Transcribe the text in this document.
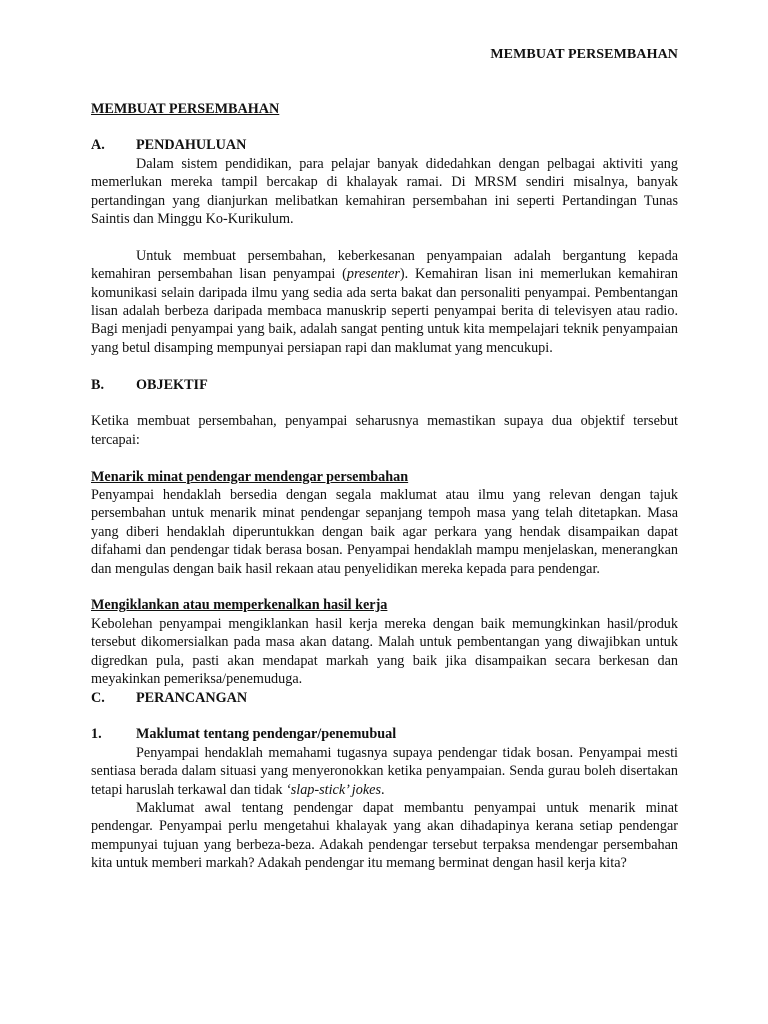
MEMBUAT PERSEMBAHAN
MEMBUAT PERSEMBAHAN
A.	PENDAHULUAN

Dalam sistem pendidikan, para pelajar banyak didedahkan dengan pelbagai aktiviti yang memerlukan mereka tampil bercakap di khalayak ramai. Di MRSM sendiri misalnya, banyak pertandingan yang dianjurkan melibatkan kemahiran persembahan ini seperti Pertandingan Tunas Saintis dan Minggu Ko-Kurikulum.

Untuk membuat persembahan, keberkesanan penyampaian adalah bergantung kepada kemahiran persembahan lisan penyampai (presenter). Kemahiran lisan ini memerlukan kemahiran komunikasi selain daripada ilmu yang sedia ada serta bakat dan personaliti penyampai. Pembentangan lisan adalah berbeza daripada membaca manuskrip seperti penyampai berita di televisyen atau radio. Bagi menjadi penyampai yang baik, adalah sangat penting untuk kita mempelajari teknik penyampaian yang betul disamping mempunyai persiapan rapi dan maklumat yang mencukupi.

B.	OBJEKTIF

Ketika membuat persembahan, penyampai seharusnya memastikan supaya dua objektif tersebut tercapai:

Menarik minat pendengar mendengar persembahan

Penyampai hendaklah bersedia dengan segala maklumat atau ilmu yang relevan dengan tajuk persembahan untuk menarik minat pendengar sepanjang tempoh masa yang telah ditetapkan. Masa yang diberi hendaklah diperuntukkan dengan baik agar perkara yang hendak disampaikan dapat difahami dan pendengar tidak berasa bosan. Penyampai hendaklah mampu menjelaskan, menerangkan dan mengulas dengan baik hasil rekaan atau penyelidikan mereka kepada para pendengar.

Mengiklankan atau memperkenalkan hasil kerja

Kebolehan penyampai mengiklankan hasil kerja mereka dengan baik memungkinkan hasil/produk tersebut dikomersialkan pada masa akan datang. Malah untuk pembentangan yang diwajibkan untuk digredkan pula, pasti akan mendapat markah yang baik jika disampaikan secara berkesan dan meyakinkan pemeriksa/penemuduga.

C.	PERANCANGAN
1.	Maklumat tentang pendengar/penemubual

Penyampai hendaklah memahami tugasnya supaya pendengar tidak bosan. Penyampai mesti sentiasa berada dalam situasi yang menyeronokkan ketika penyampaian. Senda gurau boleh disertakan tetapi haruslah terkawal dan tidak ‘slap-stick’ jokes.

Maklumat awal tentang pendengar dapat membantu penyampai untuk menarik minat pendengar. Penyampai perlu mengetahui khalayak yang akan dihadapinya kerana setiap pendengar mempunyai tujuan yang berbeza-beza. Adakah pendengar tersebut terpaksa mendengar persembahan kita untuk memberi markah? Adakah pendengar itu memang berminat dengan hasil kerja kita?
